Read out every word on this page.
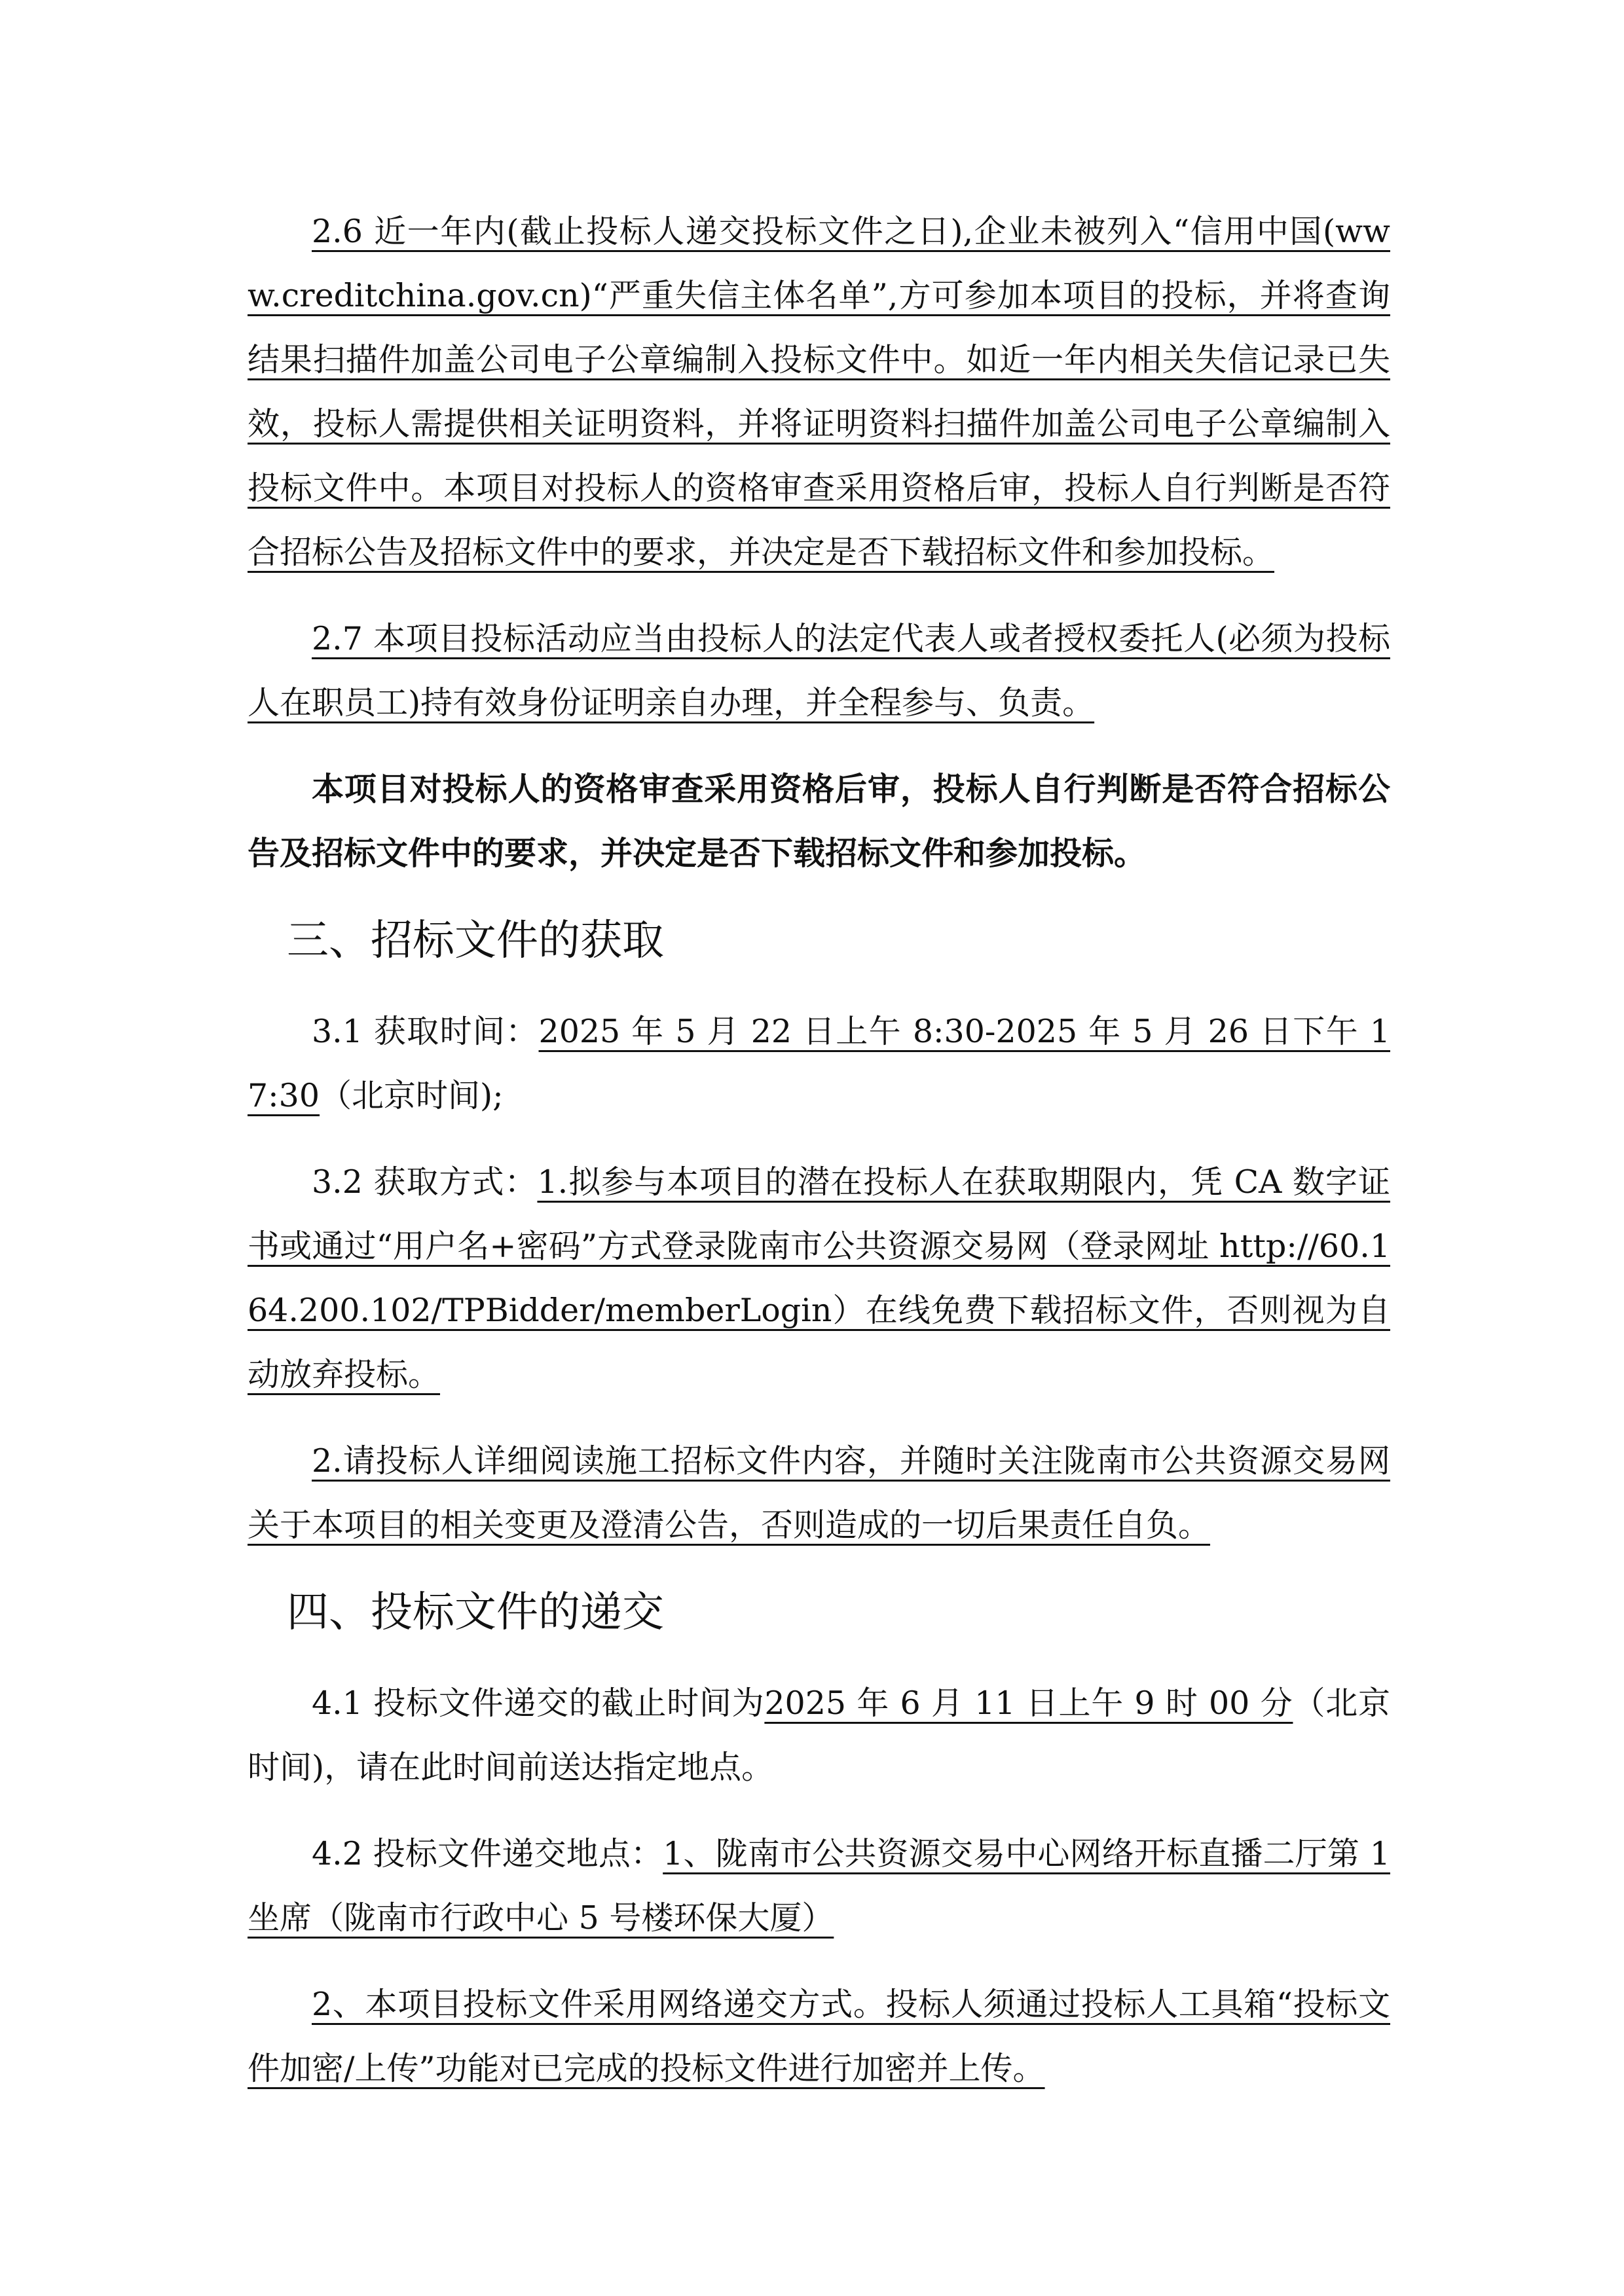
2.6 近一年内(截止投标人递交投标文件之日),企业未被列入“信用中国(www.creditchina.gov.cn)“严重失信主体名单”,方可参加本项目的投标，并将查询结果扫描件加盖公司电子公章编制入投标文件中。如近一年内相关失信记录已失效，投标人需提供相关证明资料，并将证明资料扫描件加盖公司电子公章编制入投标文件中。本项目对投标人的资格审查采用资格后审，投标人自行判断是否符合招标公告及招标文件中的要求，并决定是否下载招标文件和参加投标。

2.7 本项目投标活动应当由投标人的法定代表人或者授权委托人(必须为投标人在职员工)持有效身份证明亲自办理，并全程参与、负责。

本项目对投标人的资格审查采用资格后审，投标人自行判断是否符合招标公告及招标文件中的要求，并决定是否下载招标文件和参加投标。

三、招标文件的获取

3.1 获取时间：2025 年 5 月 22 日上午 8:30-2025 年 5 月 26 日下午 17:30（北京时间);

3.2 获取方式：1.拟参与本项目的潜在投标人在获取期限内，凭 CA 数字证书或通过“用户名+密码”方式登录陇南市公共资源交易网（登录网址 http://60.164.200.102/TPBidder/memberLogin）在线免费下载招标文件，否则视为自动放弃投标。

2.请投标人详细阅读施工招标文件内容，并随时关注陇南市公共资源交易网关于本项目的相关变更及澄清公告，否则造成的一切后果责任自负。

四、投标文件的递交

4.1 投标文件递交的截止时间为2025 年 6 月 11 日上午 9 时 00 分（北京时间)，请在此时间前送达指定地点。

4.2 投标文件递交地点：1、陇南市公共资源交易中心网络开标直播二厅第 1 坐席（陇南市行政中心 5 号楼环保大厦）

2、本项目投标文件采用网络递交方式。投标人须通过投标人工具箱“投标文件加密/上传”功能对已完成的投标文件进行加密并上传。
